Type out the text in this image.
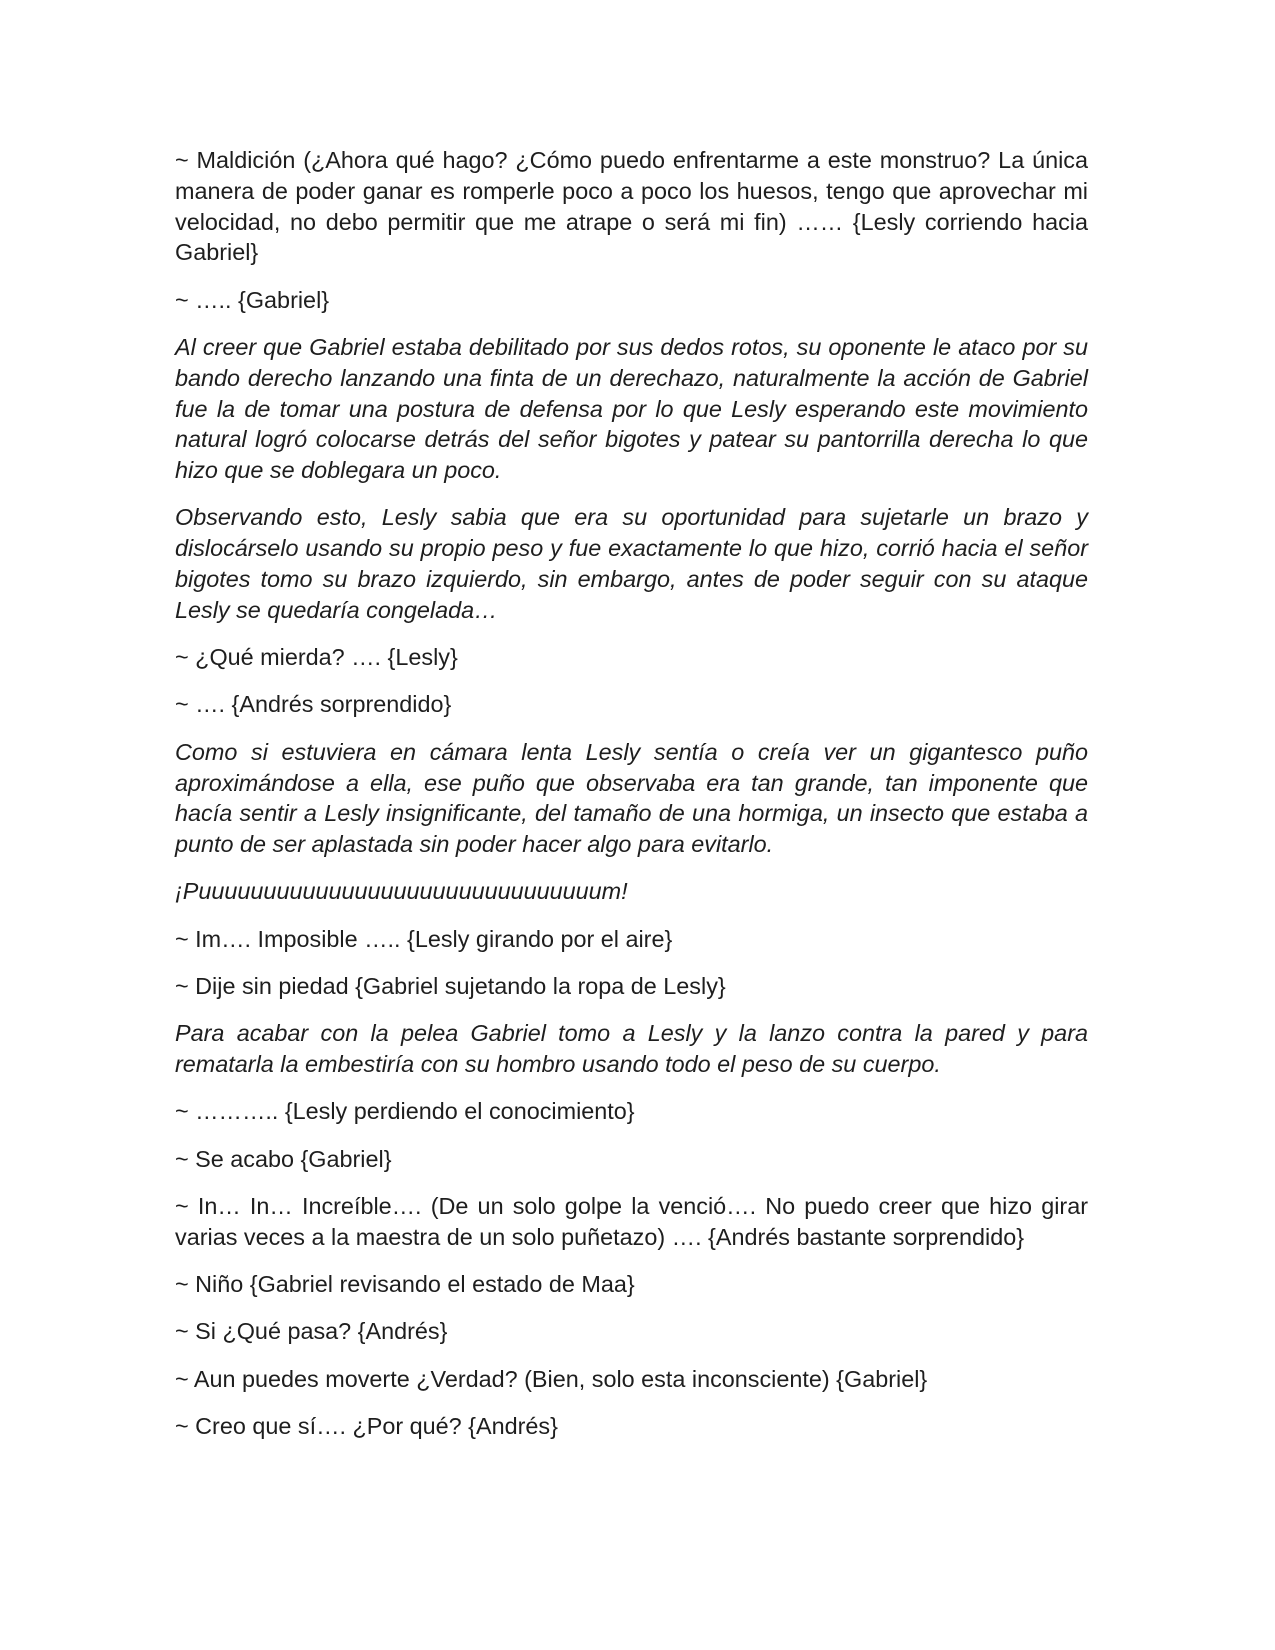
~ Maldición (¿Ahora qué hago? ¿Cómo puedo enfrentarme a este monstruo? La única manera de poder ganar es romperle poco a poco los huesos, tengo que aprovechar mi velocidad, no debo permitir que me atrape o será mi fin) …… {Lesly corriendo hacia Gabriel}

~ ….. {Gabriel}

Al creer que Gabriel estaba debilitado por sus dedos rotos, su oponente le ataco por su bando derecho lanzando una finta de un derechazo, naturalmente la acción de Gabriel fue la de tomar una postura de defensa por lo que Lesly esperando este movimiento natural logró colocarse detrás del señor bigotes y patear su pantorrilla derecha lo que hizo que se doblegara un poco.

Observando esto, Lesly sabia que era su oportunidad para sujetarle un brazo y dislocárselo usando su propio peso y fue exactamente lo que hizo, corrió hacia el señor bigotes tomo su brazo izquierdo, sin embargo, antes de poder seguir con su ataque Lesly se quedaría congelada…

~ ¿Qué mierda? …. {Lesly}

~ …. {Andrés sorprendido}

Como si estuviera en cámara lenta Lesly sentía o creía ver un gigantesco puño aproximándose a ella, ese puño que observaba era tan grande, tan imponente que hacía sentir a Lesly insignificante, del tamaño de una hormiga, un insecto que estaba a punto de ser aplastada sin poder hacer algo para evitarlo.

¡Puuuuuuuuuuuuuuuuuuuuuuuuuuuuuuum!

~ Im…. Imposible ….. {Lesly girando por el aire}

~ Dije sin piedad {Gabriel sujetando la ropa de Lesly}

Para acabar con la pelea Gabriel tomo a Lesly y la lanzo contra la pared y para rematarla la embestiría con su hombro usando todo el peso de su cuerpo.

~ ……….. {Lesly perdiendo el conocimiento}

~ Se acabo {Gabriel}

~ In… In… Increíble…. (De un solo golpe la venció…. No puedo creer que hizo girar varias veces a la maestra de un solo puñetazo) …. {Andrés bastante sorprendido}

~ Niño {Gabriel revisando el estado de Maa}

~ Si ¿Qué pasa? {Andrés}

~ Aun puedes moverte ¿Verdad? (Bien, solo esta inconsciente) {Gabriel}

~ Creo que sí…. ¿Por qué? {Andrés}
